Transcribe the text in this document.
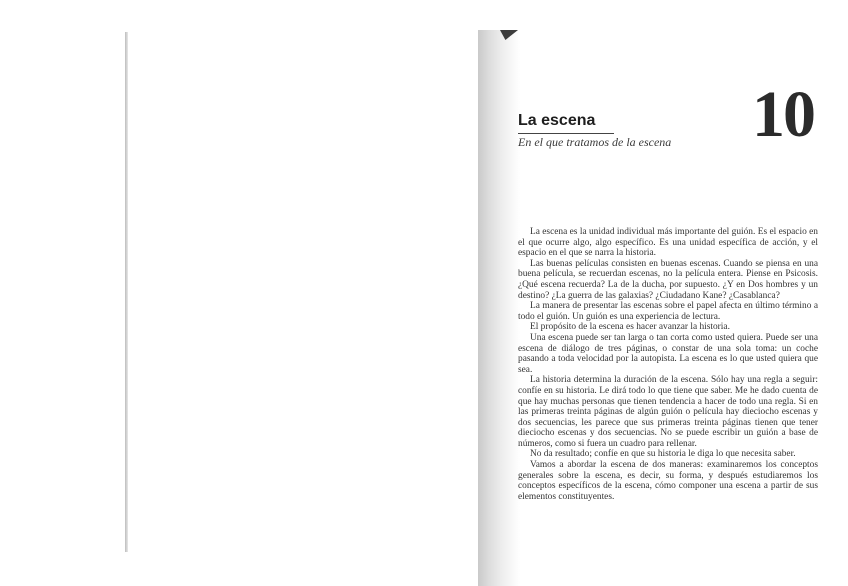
La escena
En el que tratamos de la escena 10

La escena es la unidad individual más importante del guión. Es el espacio en el que ocurre algo, algo específico. Es una unidad específica de acción, y el espacio en el que se narra la historia.

Las buenas películas consisten en buenas escenas. Cuando se piensa en una buena película, se recuerdan escenas, no la película entera. Piense en Psicosis. ¿Qué escena recuerda? La de la ducha, por supuesto. ¿Y en Dos hombres y un destino? ¿La guerra de las galaxias? ¿Ciudadano Kane? ¿Casablanca?

La manera de presentar las escenas sobre el papel afecta en último término a todo el guión. Un guión es una experiencia de lectura.

El propósito de la escena es hacer avanzar la historia.

Una escena puede ser tan larga o tan corta como usted quiera. Puede ser una escena de diálogo de tres páginas, o constar de una sola toma: un coche pasando a toda velocidad por la autopista. La escena es lo que usted quiera que sea.

La historia determina la duración de la escena. Sólo hay una regla a seguir: confíe en su historia. Le dirá todo lo que tiene que saber. Me he dado cuenta de que hay muchas personas que tienen tendencia a hacer de todo una regla. Si en las primeras treinta páginas de algún guión o película hay dieciocho escenas y dos secuencias, les parece que sus primeras treinta páginas tienen que tener dieciocho escenas y dos secuencias. No se puede escribir un guión a base de números, como si fuera un cuadro para rellenar.

No da resultado; confíe en que su historia le diga lo que necesita saber.

Vamos a abordar la escena de dos maneras: examinaremos los conceptos generales sobre la escena, es decir, su forma, y después estudiaremos los conceptos específicos de la escena, cómo componer una escena a partir de sus elementos constituyentes.
